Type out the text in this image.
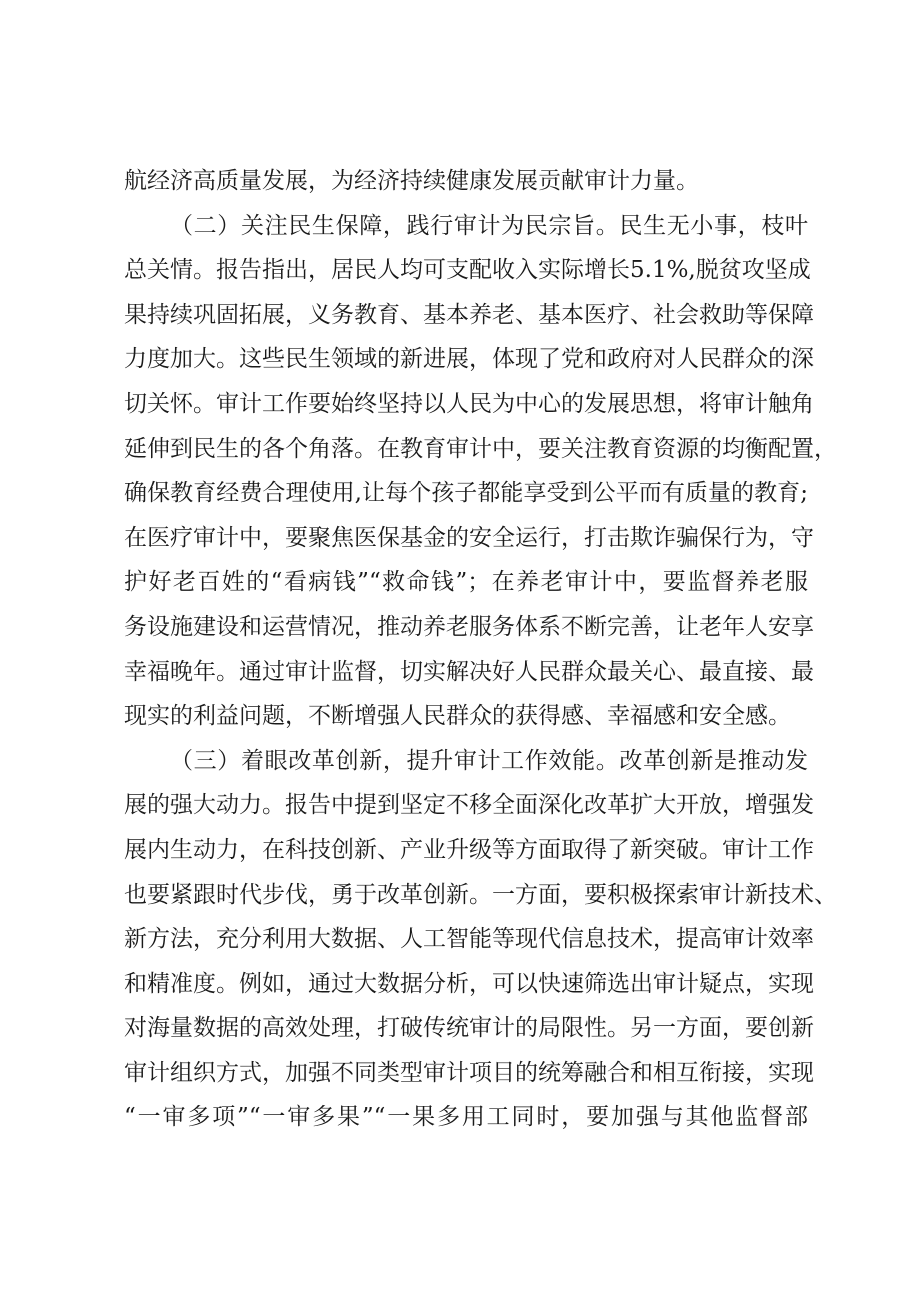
航经济高质量发展，为经济持续健康发展贡献审计力量。
（二）关注民生保障，践行审计为民宗旨。民生无小事，枝叶
总关情。报告指出，居民人均可支配收入实际增长5.1%,脱贫攻坚成
果持续巩固拓展，义务教育、基本养老、基本医疗、社会救助等保障
力度加大。这些民生领域的新进展，体现了党和政府对人民群众的深
切关怀。审计工作要始终坚持以人民为中心的发展思想，将审计触角
延伸到民生的各个角落。在教育审计中，要关注教育资源的均衡配置，
确保教育经费合理使用,让每个孩子都能享受到公平而有质量的教育;
在医疗审计中，要聚焦医保基金的安全运行，打击欺诈骗保行为，守
护好老百姓的“看病钱”“救命钱”；在养老审计中，要监督养老服
务设施建设和运营情况，推动养老服务体系不断完善，让老年人安享
幸福晚年。通过审计监督，切实解决好人民群众最关心、最直接、最
现实的利益问题，不断增强人民群众的获得感、幸福感和安全感。
（三）着眼改革创新，提升审计工作效能。改革创新是推动发
展的强大动力。报告中提到坚定不移全面深化改革扩大开放，增强发
展内生动力，在科技创新、产业升级等方面取得了新突破。审计工作
也要紧跟时代步伐，勇于改革创新。一方面，要积极探索审计新技术、
新方法，充分利用大数据、人工智能等现代信息技术，提高审计效率
和精准度。例如，通过大数据分析，可以快速筛选出审计疑点，实现
对海量数据的高效处理，打破传统审计的局限性。另一方面，要创新
审计组织方式，加强不同类型审计项目的统筹融合和相互衔接，实现
“一审多项”“一审多果”“一果多用工同时，要加强与其他监督部
